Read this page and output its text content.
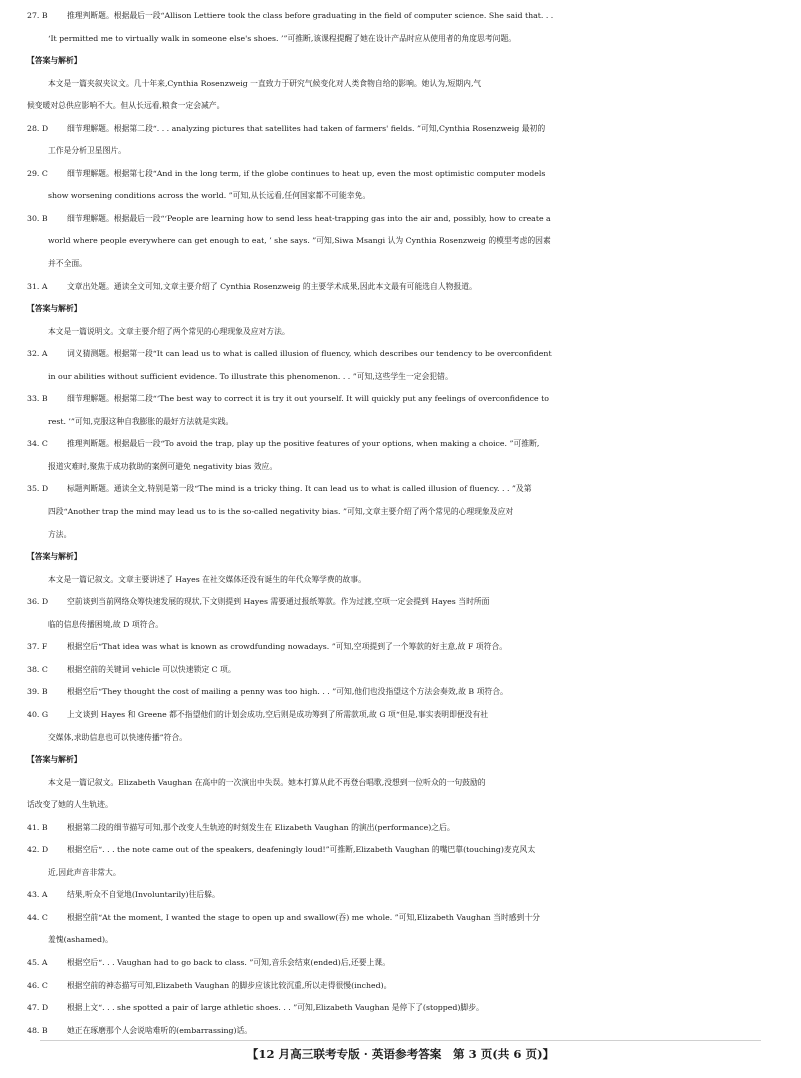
27. B 推理判断题。根据最后一段“Allison Lettiere took the class before graduating in the field of computer science. She said that. . .

‘It permitted me to virtually walk in someone else's shoes. ’”可推断,该课程提醒了她在设计产品时应从使用者的角度思考问题。

【答案与解析】

本文是一篇夹叙夹议文。几十年来,Cynthia Rosenzweig 一直致力于研究气候变化对人类食物自给的影响。她认为,短期内,气

候变暖对总供应影响不大。但从长远看,粮食一定会减产。

28. D 细节理解题。根据第二段“. . . analyzing pictures that satellites had taken of farmers' fields. ”可知,Cynthia Rosenzweig 最初的

工作是分析卫星图片。

29. C 细节理解题。根据第七段“And in the long term, if the globe continues to heat up, even the most optimistic computer models

show worsening conditions across the world. ”可知,从长远看,任何国家都不可能幸免。

30. B 细节理解题。根据最后一段“‘People are learning how to send less heat-trapping gas into the air and, possibly, how to create a

world where people everywhere can get enough to eat, ’ she says. ”可知,Siwa Msangi 认为 Cynthia Rosenzweig 的模型考虑的因素

并不全面。

31. A 文章出处题。通读全文可知,文章主要介绍了 Cynthia Rosenzweig 的主要学术成果,因此本文最有可能选自人物报道。

【答案与解析】

本文是一篇说明文。文章主要介绍了两个常见的心理现象及应对方法。

32. A 词义猜测题。根据第一段“It can lead us to what is called illusion of fluency, which describes our tendency to be overconfident

in our abilities without sufficient evidence. To illustrate this phenomenon. . . ”可知,这些学生一定会犯错。

33. B 细节理解题。根据第二段“‘The best way to correct it is try it out yourself. It will quickly put any feelings of overconfidence to

rest. ’”可知,克服这种自我膨胀的最好方法就是实践。

34. C 推理判断题。根据最后一段“To avoid the trap, play up the positive features of your options, when making a choice. ”可推断,

报道灾难时,聚焦于成功救助的案例可避免 negativity bias 效应。

35. D 标题判断题。通读全文,特别是第一段“The mind is a tricky thing. It can lead us to what is called illusion of fluency. . . ”及第

四段“Another trap the mind may lead us to is the so-called negativity bias. ”可知,文章主要介绍了两个常见的心理现象及应对

方法。

【答案与解析】

本文是一篇记叙文。文章主要讲述了 Hayes 在社交媒体还没有诞生的年代众筹学费的故事。

36. D 空前谈到当前网络众筹快速发展的现状,下文则提到 Hayes 需要通过报纸筹款。作为过渡,空项一定会提到 Hayes 当时所面

临的信息传播困境,故 D 项符合。

37. F	根据空后“That idea was what is known as crowdfunding nowadays. ”可知,空项提到了一个筹款的好主意,故 F 项符合。

38. C 根据空前的关键词 vehicle 可以快速锁定 C 项。

39. B 根据空后“They thought the cost of mailing a penny was too high. . . ”可知,他们也没指望这个方法会奏效,故 B 项符合。

40. G 上文谈到 Hayes 和 Greene 都不指望他们的计划会成功,空后则是成功筹到了所需款项,故 G 项“但是,事实表明即便没有社

交媒体,求助信息也可以快速传播”符合。

【答案与解析】

本文是一篇记叙文。Elizabeth Vaughan 在高中的一次演出中失误。她本打算从此不再登台唱歌,没想到一位听众的一句鼓励的

话改变了她的人生轨迹。

41. B 根据第二段的细节描写可知,那个改变人生轨迹的时刻发生在 Elizabeth Vaughan 的演出(performance)之后。

42. D 根据空后“. . . the note came out of the speakers, deafeningly loud!”可推断,Elizabeth Vaughan 的嘴巴靠(touching)麦克风太

近,因此声音非常大。

43. A 结果,听众不自觉地(Involuntarily)往后躲。

44. C 根据空前“At the moment, I wanted the stage to open up and swallow(吞) me whole. ”可知,Elizabeth Vaughan 当时感到十分

羞愧(ashamed)。

45. A 根据空后“. . . Vaughan had to go back to class. ”可知,音乐会结束(ended)后,还要上课。

46. C 根据空前的神态描写可知,Elizabeth Vaughan 的脚步应该比较沉重,所以走得很慢(inched)。

47. D 根据上文“. . . she spotted a pair of large athletic shoes. . . ”可知,Elizabeth Vaughan 是停下了(stopped)脚步。

48. B 她正在琢磨那个人会说啥难听的(embarrassing)话。

【12 月高三联考专版 · 英语参考答案　第 3 页(共 6 页)】
